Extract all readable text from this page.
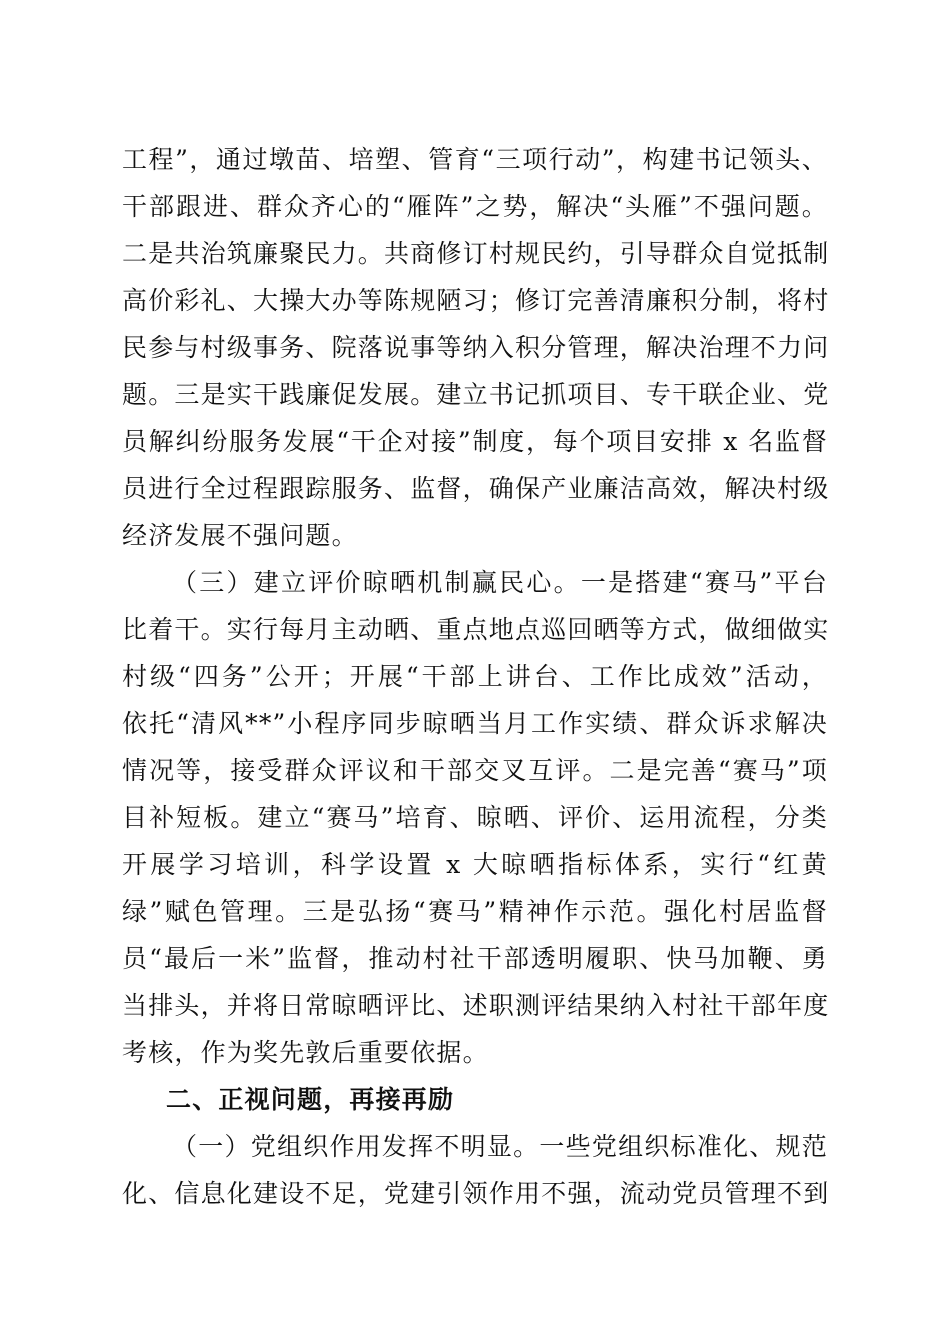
工程”，通过墩苗、培塑、管育“三项行动”，构建书记领头、
干部跟进、群众齐心的“雁阵”之势，解决“头雁”不强问题。
二是共治筑廉聚民力。共商修订村规民约，引导群众自觉抵制
高价彩礼、大操大办等陈规陋习；修订完善清廉积分制，将村
民参与村级事务、院落说事等纳入积分管理，解决治理不力问
题。三是实干践廉促发展。建立书记抓项目、专干联企业、党
员解纠纷服务发展“干企对接”制度，每个项目安排 x 名监督
员进行全过程跟踪服务、监督，确保产业廉洁高效，解决村级
经济发展不强问题。
（三）建立评价晾晒机制赢民心。一是搭建“赛马”平台
比着干。实行每月主动晒、重点地点巡回晒等方式，做细做实
村级“四务”公开；开展“干部上讲台、工作比成效”活动，
依托“清风**”小程序同步晾晒当月工作实绩、群众诉求解决
情况等，接受群众评议和干部交叉互评。二是完善“赛马”项
目补短板。建立“赛马”培育、晾晒、评价、运用流程，分类
开展学习培训，科学设置 x 大晾晒指标体系，实行“红黄
绿”赋色管理。三是弘扬“赛马”精神作示范。强化村居监督
员“最后一米”监督，推动村社干部透明履职、快马加鞭、勇
当排头，并将日常晾晒评比、述职测评结果纳入村社干部年度
考核，作为奖先敦后重要依据。
二、正视问题，再接再励
（一）党组织作用发挥不明显。一些党组织标准化、规范
化、信息化建设不足，党建引领作用不强，流动党员管理不到
